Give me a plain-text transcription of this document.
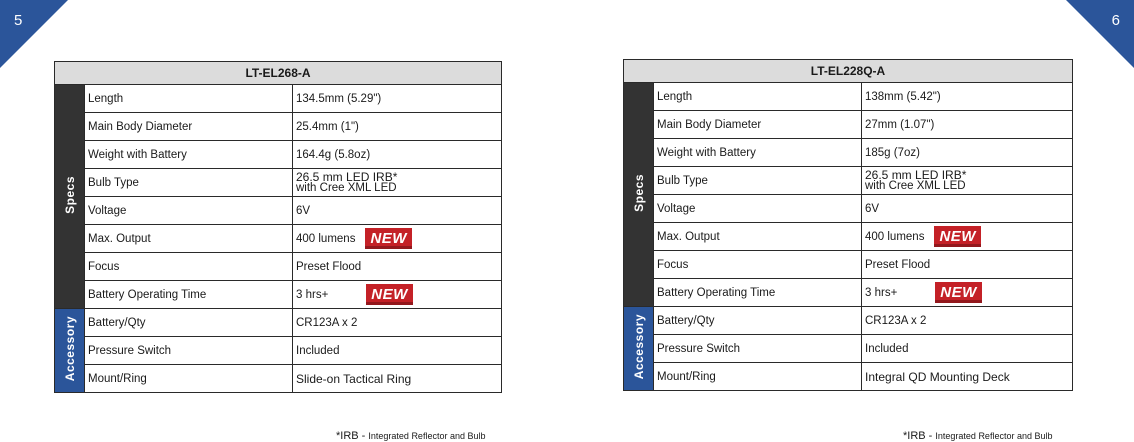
5	6
LT-EL268-A		
Specs	Length	134.5mm (5.29")
	Main Body Diameter	25.4mm (1")
	Weight with Battery	164.4g (5.8oz)
	Bulb Type	26.5 mm LED IRB*
with Cree XML LED

	Voltage	6V
	Max. Output	400 lumens NEW

	Focus	Preset Flood
	Battery Operating Time	3 hrs+ NEW

Accessory	Battery/Qty	CR123A x 2
	Pressure Switch	Included
	Mount/Ring	Slide-on Tactical Ring
LT-EL228Q-A		
Specs	Length	138mm (5.42")
	Main Body Diameter	27mm (1.07")
	Weight with Battery	185g (7oz)
	Bulb Type	26.5 mm LED IRB*
with Cree XML LED

	Voltage	6V
	Max. Output	400 lumens NEW

	Focus	Preset Flood
	Battery Operating Time	3 hrs+ NEW

Accessory	Battery/Qty	CR123A x 2
	Pressure Switch	Included
	Mount/Ring	Integral QD Mounting Deck
*IRB - Integrated Reflector and Bulb	*IRB - Integrated Reflector and Bulb
